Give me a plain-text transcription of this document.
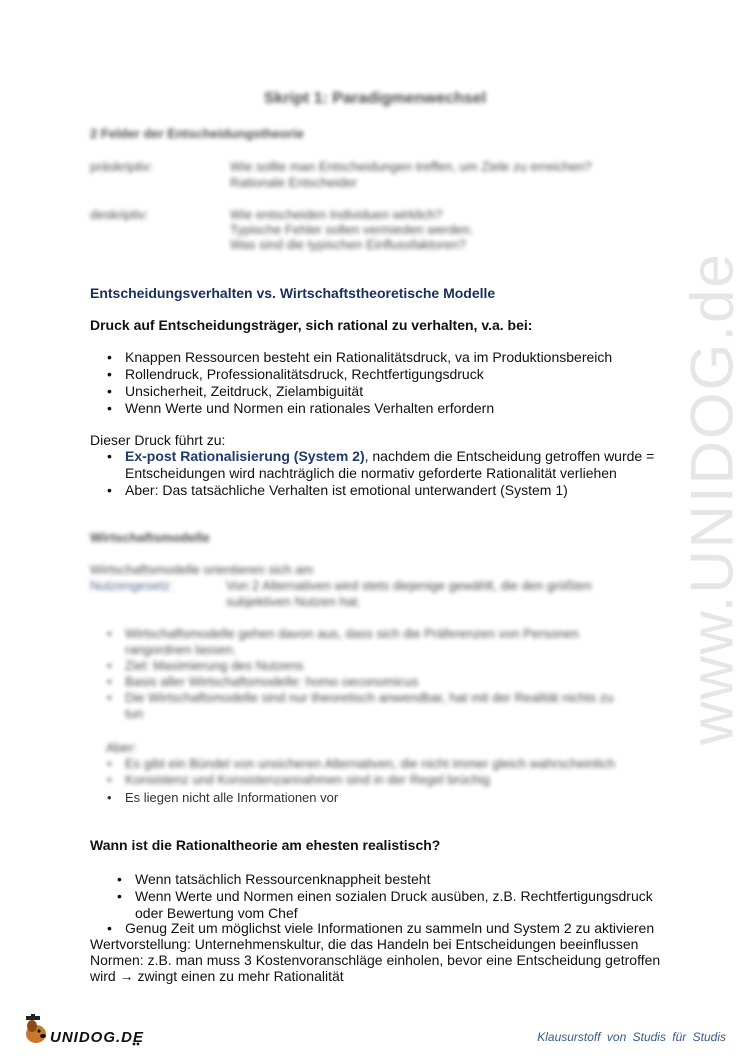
www.UNIDOG.de
Skript 1: Paradigmenwechsel
2 Felder der Entscheidungstheorie
präskriptiv:	Wie sollte man Entscheidungen treffen, um Ziele zu erreichen?
Rationale Entscheider
deskriptiv:	Wie entscheiden Individuen wirklich?
Typische Fehler sollen vermieden werden.
Was sind die typischen Einflussfaktoren?
Entscheidungsverhalten vs. Wirtschaftstheoretische Modelle
Druck auf Entscheidungsträger, sich rational zu verhalten, v.a. bei:
• Knappen Ressourcen besteht ein Rationalitätsdruck, va im Produktionsbereich
• Rollendruck, Professionalitätsdruck, Rechtfertigungsdruck
• Unsicherheit, Zeitdruck, Zielambiguität
• Wenn Werte und Normen ein rationales Verhalten erfordern
Dieser Druck führt zu:
• Ex-post Rationalisierung (System 2), nachdem die Entscheidung getroffen wurde =
Entscheidungen wird nachträglich die normativ geforderte Rationalität verliehen
• Aber: Das tatsächliche Verhalten ist emotional unterwandert (System 1)
Wirtschaftsmodelle
Wirtschaftsmodelle orientieren sich am
Nutzengesetz:	Von 2 Alternativen wird stets diejenige gewählt, die den größten
subjektiven Nutzen hat.
• Wirtschaftsmodelle gehen davon aus, dass sich die Präferenzen von Personen rangordnen lassen.
• Ziel: Maximierung des Nutzens
• Basis aller Wirtschaftsmodelle: homo oeconomicus
• Die Wirtschaftsmodelle sind nur theoretisch anwendbar, hat mit der Realität nichts zu tun
Aber:
• Es gibt ein Bündel von unsicheren Alternativen, die nicht immer gleich wahrscheinlich
• Konsistenz und Konsistenzannahmen sind in der Regel brüchig
• Es liegen nicht alle Informationen vor
Wann ist die Rationaltheorie am ehesten realistisch?
• Wenn tatsächlich Ressourcenknappheit besteht
• Wenn Werte und Normen einen sozialen Druck ausüben, z.B. Rechtfertigungsdruck
oder Bewertung vom Chef
• Genug Zeit um möglichst viele Informationen zu sammeln und System 2 zu aktivieren
Wertvorstellung: Unternehmenskultur, die das Handeln bei Entscheidungen beeinflussen
Normen: z.B. man muss 3 Kostenvoranschläge einholen, bevor eine Entscheidung getroffen
wird → zwingt einen zu mehr Rationalität
UNIDOG.DE	Klausurstoff von Studis für Studis
